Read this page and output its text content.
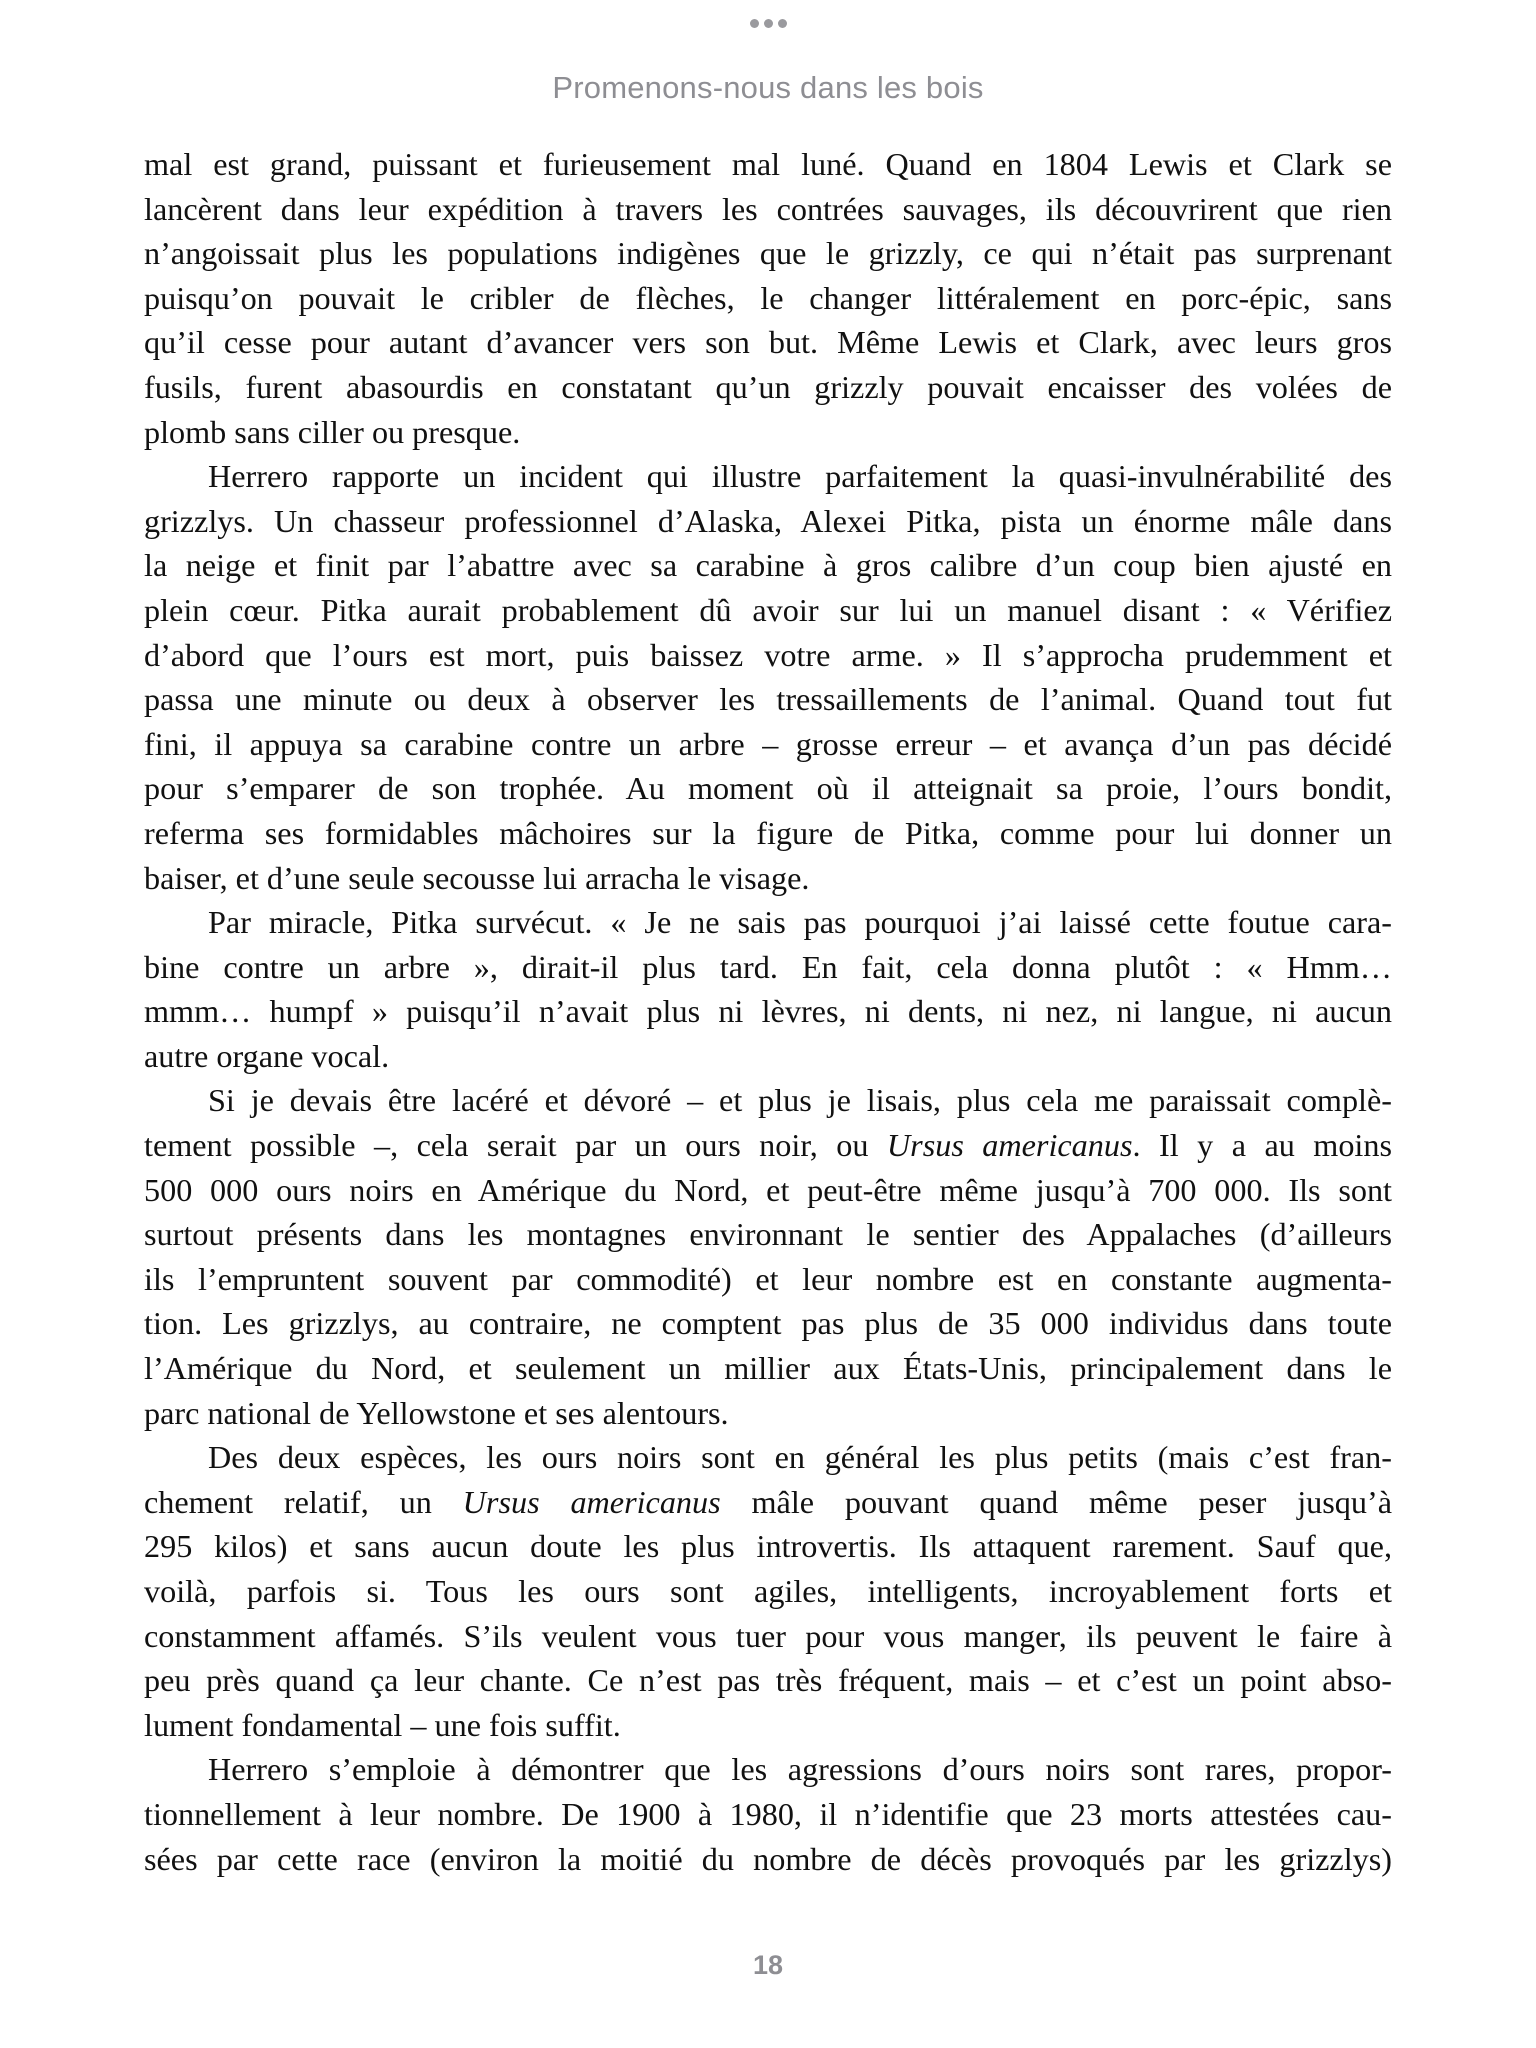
Promenons-nous dans les bois
mal est grand, puissant et furieusement mal luné. Quand en 1804 Lewis et Clark se
lancèrent dans leur expédition à travers les contrées sauvages, ils découvrirent que rien
n’angoissait plus les populations indigènes que le grizzly, ce qui n’était pas surprenant
puisqu’on pouvait le cribler de flèches, le changer littéralement en porc-épic, sans
qu’il cesse pour autant d’avancer vers son but. Même Lewis et Clark, avec leurs gros
fusils, furent abasourdis en constatant qu’un grizzly pouvait encaisser des volées de
plomb sans ciller ou presque.
Herrero rapporte un incident qui illustre parfaitement la quasi-invulnérabilité des
grizzlys. Un chasseur professionnel d’Alaska, Alexei Pitka, pista un énorme mâle dans
la neige et finit par l’abattre avec sa carabine à gros calibre d’un coup bien ajusté en
plein cœur. Pitka aurait probablement dû avoir sur lui un manuel disant : « Vérifiez
d’abord que l’ours est mort, puis baissez votre arme. » Il s’approcha prudemment et
passa une minute ou deux à observer les tressaillements de l’animal. Quand tout fut
fini, il appuya sa carabine contre un arbre – grosse erreur – et avança d’un pas décidé
pour s’emparer de son trophée. Au moment où il atteignait sa proie, l’ours bondit,
referma ses formidables mâchoires sur la figure de Pitka, comme pour lui donner un
baiser, et d’une seule secousse lui arracha le visage.
Par miracle, Pitka survécut. « Je ne sais pas pourquoi j’ai laissé cette foutue cara-
bine contre un arbre », dirait-il plus tard. En fait, cela donna plutôt : « Hmm…
mmm… humpf » puisqu’il n’avait plus ni lèvres, ni dents, ni nez, ni langue, ni aucun
autre organe vocal.
Si je devais être lacéré et dévoré – et plus je lisais, plus cela me paraissait complè-
tement possible –, cela serait par un ours noir, ou Ursus americanus. Il y a au moins
500 000 ours noirs en Amérique du Nord, et peut-être même jusqu’à 700 000. Ils sont
surtout présents dans les montagnes environnant le sentier des Appalaches (d’ailleurs
ils l’empruntent souvent par commodité) et leur nombre est en constante augmenta-
tion. Les grizzlys, au contraire, ne comptent pas plus de 35 000 individus dans toute
l’Amérique du Nord, et seulement un millier aux États-Unis, principalement dans le
parc national de Yellowstone et ses alentours.
Des deux espèces, les ours noirs sont en général les plus petits (mais c’est fran-
chement relatif, un Ursus americanus mâle pouvant quand même peser jusqu’à
295 kilos) et sans aucun doute les plus introvertis. Ils attaquent rarement. Sauf que,
voilà, parfois si. Tous les ours sont agiles, intelligents, incroyablement forts et
constamment affamés. S’ils veulent vous tuer pour vous manger, ils peuvent le faire à
peu près quand ça leur chante. Ce n’est pas très fréquent, mais – et c’est un point abso-
lument fondamental – une fois suffit.
Herrero s’emploie à démontrer que les agressions d’ours noirs sont rares, propor-
tionnellement à leur nombre. De 1900 à 1980, il n’identifie que 23 morts attestées cau-
sées par cette race (environ la moitié du nombre de décès provoqués par les grizzlys)
18
